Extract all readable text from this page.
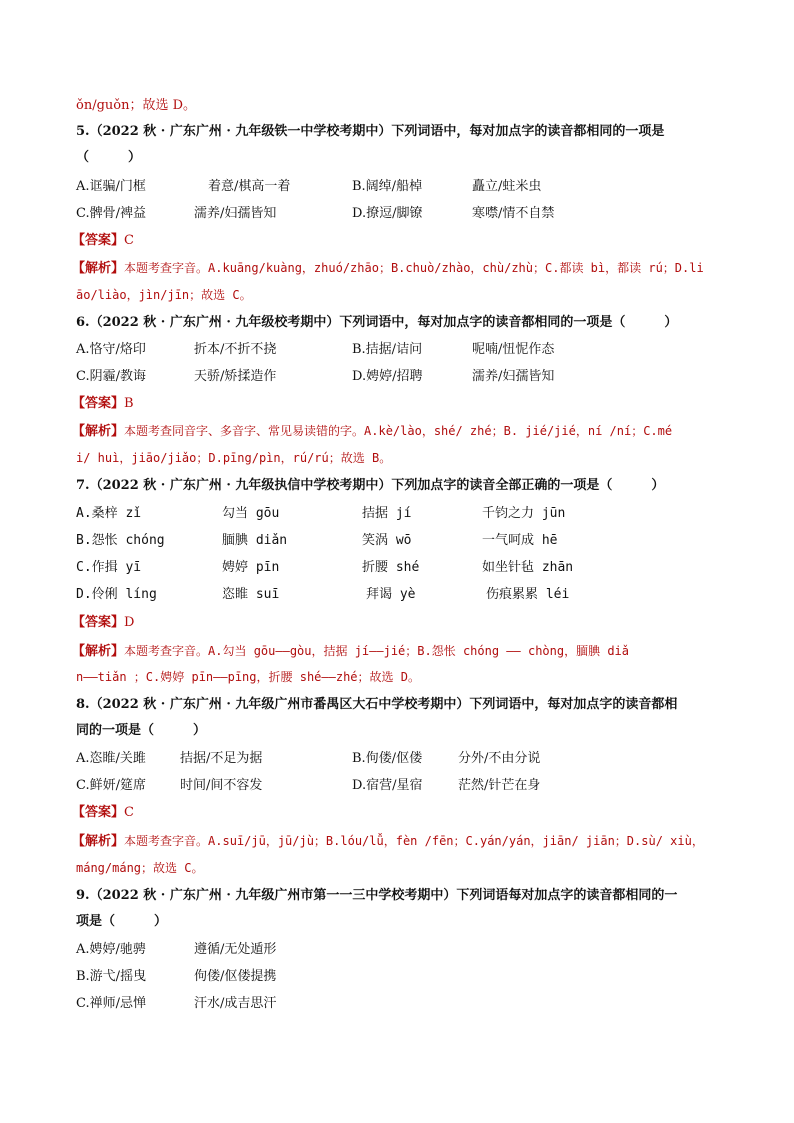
ǒn/guǒn；故选 D。
5.（2022 秋 · 广东广州 · 九年级铁一中学校考期中）下列词语中，每对加点字的读音都相同的一项是
（　　　）
A.诓骗/门框	着意/棋高一着	B.阔绰/船棹	矗立/蛀米虫
C.髀骨/裨益	濡养/妇孺皆知	D.撩逗/脚镣	寒噤/情不自禁
【答案】C
【解析】本题考查字音。A.kuāng/kuàng，zhuó/zhāo；B.chuò/zhào，chù/zhù；C.都读 bì，都读 rú；D.li
āo/liào，jìn/jīn；故选 C。
6.（2022 秋 · 广东广州 · 九年级校考期中）下列词语中，每对加点字的读音都相同的一项是（　　　）
A.恪守/烙印	折本/不折不挠	B.拮据/诘问	呢喃/忸怩作态
C.阴霾/教诲	天骄/矫揉造作	D.娉婷/招聘	濡养/妇孺皆知
【答案】B
【解析】本题考查同音字、多音字、常见易读错的字。A.kè/lào，shé/ zhé；B. jié/jié，ní /ní；C.mé
i/ huì，jiāo/jiǎo；D.pīng/pìn，rú/rú；故选 B。
7.（2022 秋 · 广东广州 · 九年级执信中学校考期中）下列加点字的读音全部正确的一项是（　　　）
A.桑梓 zǐ	勾当 gōu	拮据 jí	千钧之力 jūn
B.怨怅 chóng	腼腆 diǎn	笑涡 wō	一气呵成 hē
C.作揖 yī	娉婷 pīn	折腰 shé	如坐针毡 zhān
D.伶俐 líng	恣睢 suī	拜谒 yè	伤痕累累 léi
【答案】D
【解析】本题考查字音。A.勾当 gōu——gòu，拮据 jí——jié；B.怨怅 chóng —— chòng，腼腆 diǎ
n——tiǎn ；C.娉婷 pīn——pīng，折腰 shé——zhé；故选 D。
8.（2022 秋 · 广东广州 · 九年级广州市番禺区大石中学校考期中）下列词语中，每对加点字的读音都相
同的一项是（　　　）
A.恣睢/关雎	拮据/不足为据	B.佝偻/伛偻	分外/不由分说
C.鲜妍/筵席	时间/间不容发	D.宿营/星宿	茫然/针芒在身
【答案】C
【解析】本题考查字音。A.suī/jū，jū/jù；B.lóu/lǚ，fèn /fēn；C.yán/yán，jiān/ jiān；D.sù/ xiù，
máng/máng；故选 C。
9.（2022 秋 · 广东广州 · 九年级广州市第一一三中学校考期中）下列词语每对加点字的读音都相同的一
项是（　　　）
A.娉婷/驰骋	遵循/无处遁形
B.游弋/摇曳	佝偻/伛偻提携
C.禅师/忌惮	汗水/成吉思汗
